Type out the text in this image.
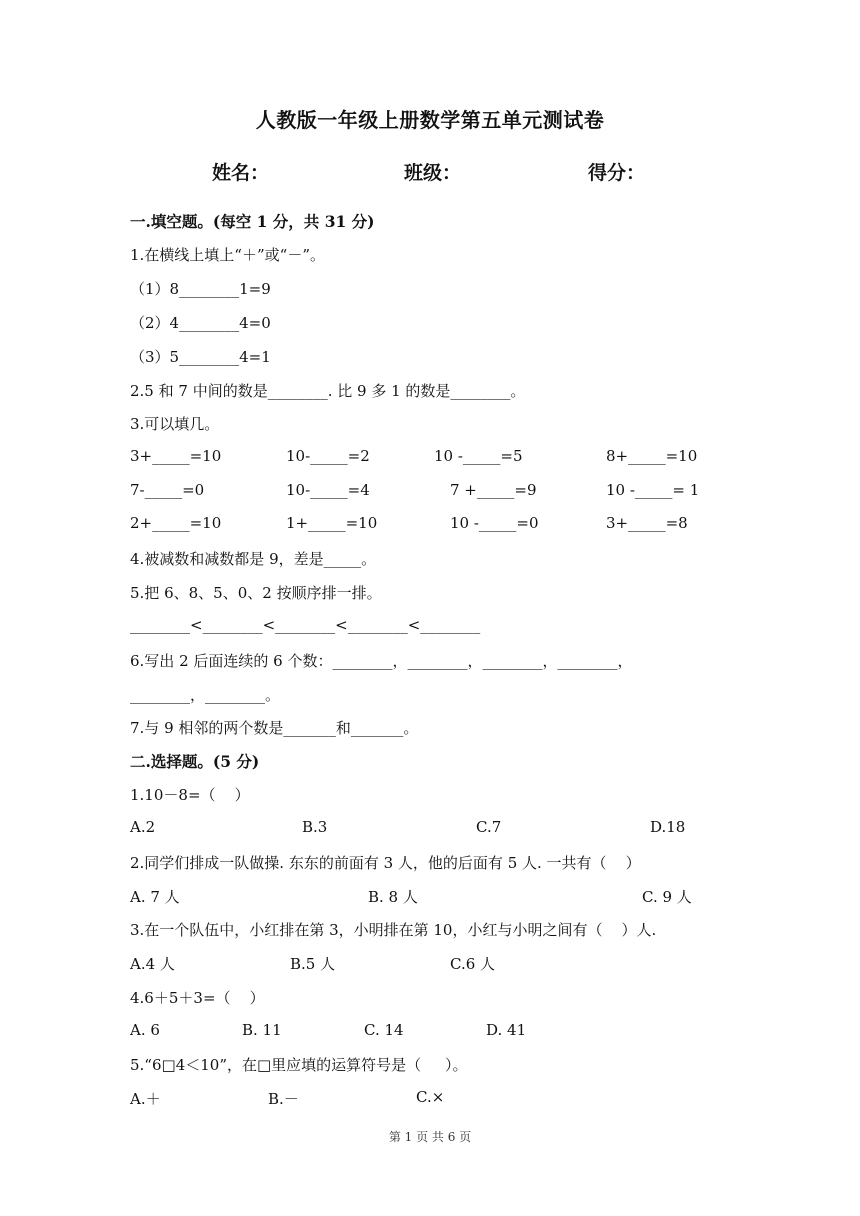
人教版一年级上册数学第五单元测试卷
姓名：	班级：	得分：
一.填空题。(每空 1 分，共 31 分)
1.在横线上填上“＋”或“－”。
（1）8________1=9
（2）4________4=0
（3）5________4=1
2.5 和 7 中间的数是________. 比 9 多 1 的数是________。
3.可以填几。
3+_____=10	10-_____=2	10 -_____=5	8+_____=10
7-_____=0	10-_____=4	7 +_____=9	10 -_____= 1
2+_____=10	1+_____=10	10 -_____=0	3+_____=8
4.被减数和减数都是 9，差是_____。
5.把 6、8、5、0、2 按顺序排一排。
________<________<________<________<________
6.写出 2 后面连续的 6 个数：________，________，________，________，
________，________。
7.与 9 相邻的两个数是_______和_______。
二.选择题。(5 分)
1.10－8=（    ）
A.2	B.3	C.7	D.18
2.同学们排成一队做操. 东东的前面有 3 人，他的后面有 5 人. 一共有（    ）
A. 7 人	B. 8 人	C. 9 人
3.在一个队伍中，小红排在第 3，小明排在第 10，小红与小明之间有（    ）人.
A.4 人	B.5 人	C.6 人
4.6＋5＋3=（    ）
A. 6	B. 11	C. 14	D. 41
5.“6□4＜10”，在□里应填的运算符号是（     ）。
A.＋	B.－	C.×
第 1 页 共 6 页
